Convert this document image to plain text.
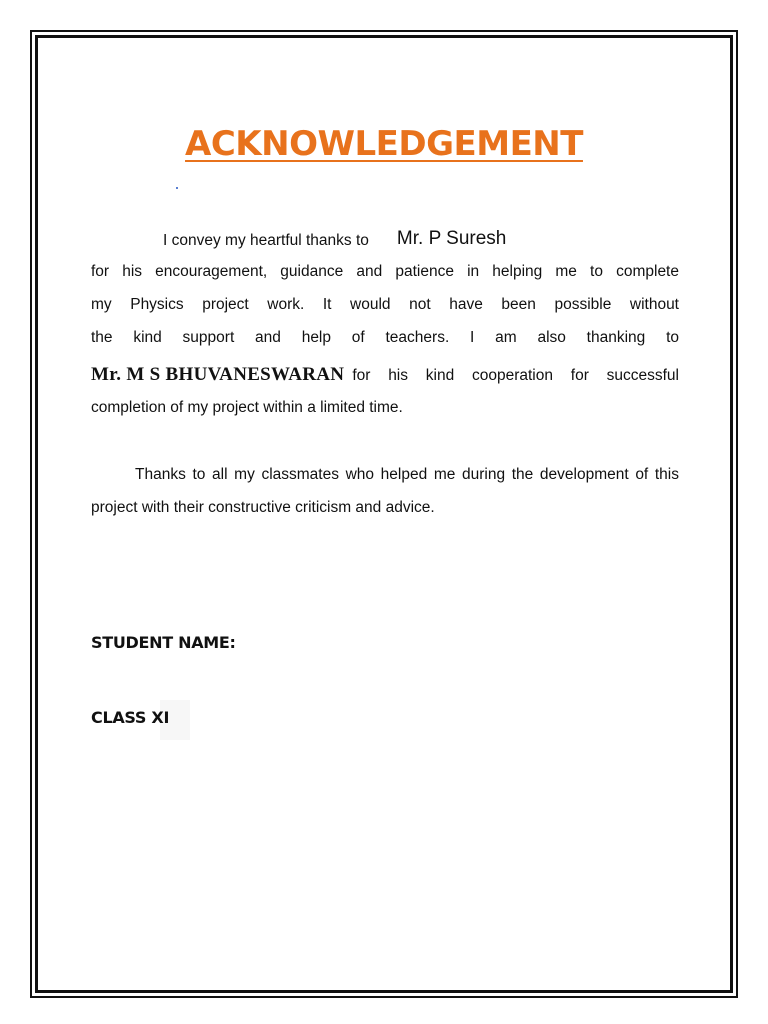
ACKNOWLEDGEMENT
I convey my heartful thanks to Mr. P Suresh
for his encouragement, guidance and patience in helping me to complete
my Physics project work. It would not have been possible without
the kind support and help of teachers. I am also thanking to
Mr. M S BHUVANESWARAN for his kind cooperation for successful
completion of my project within a limited time.
Thanks to all my classmates who helped me during the development of this
project with their constructive criticism and advice.
STUDENT NAME:
CLASS XI
